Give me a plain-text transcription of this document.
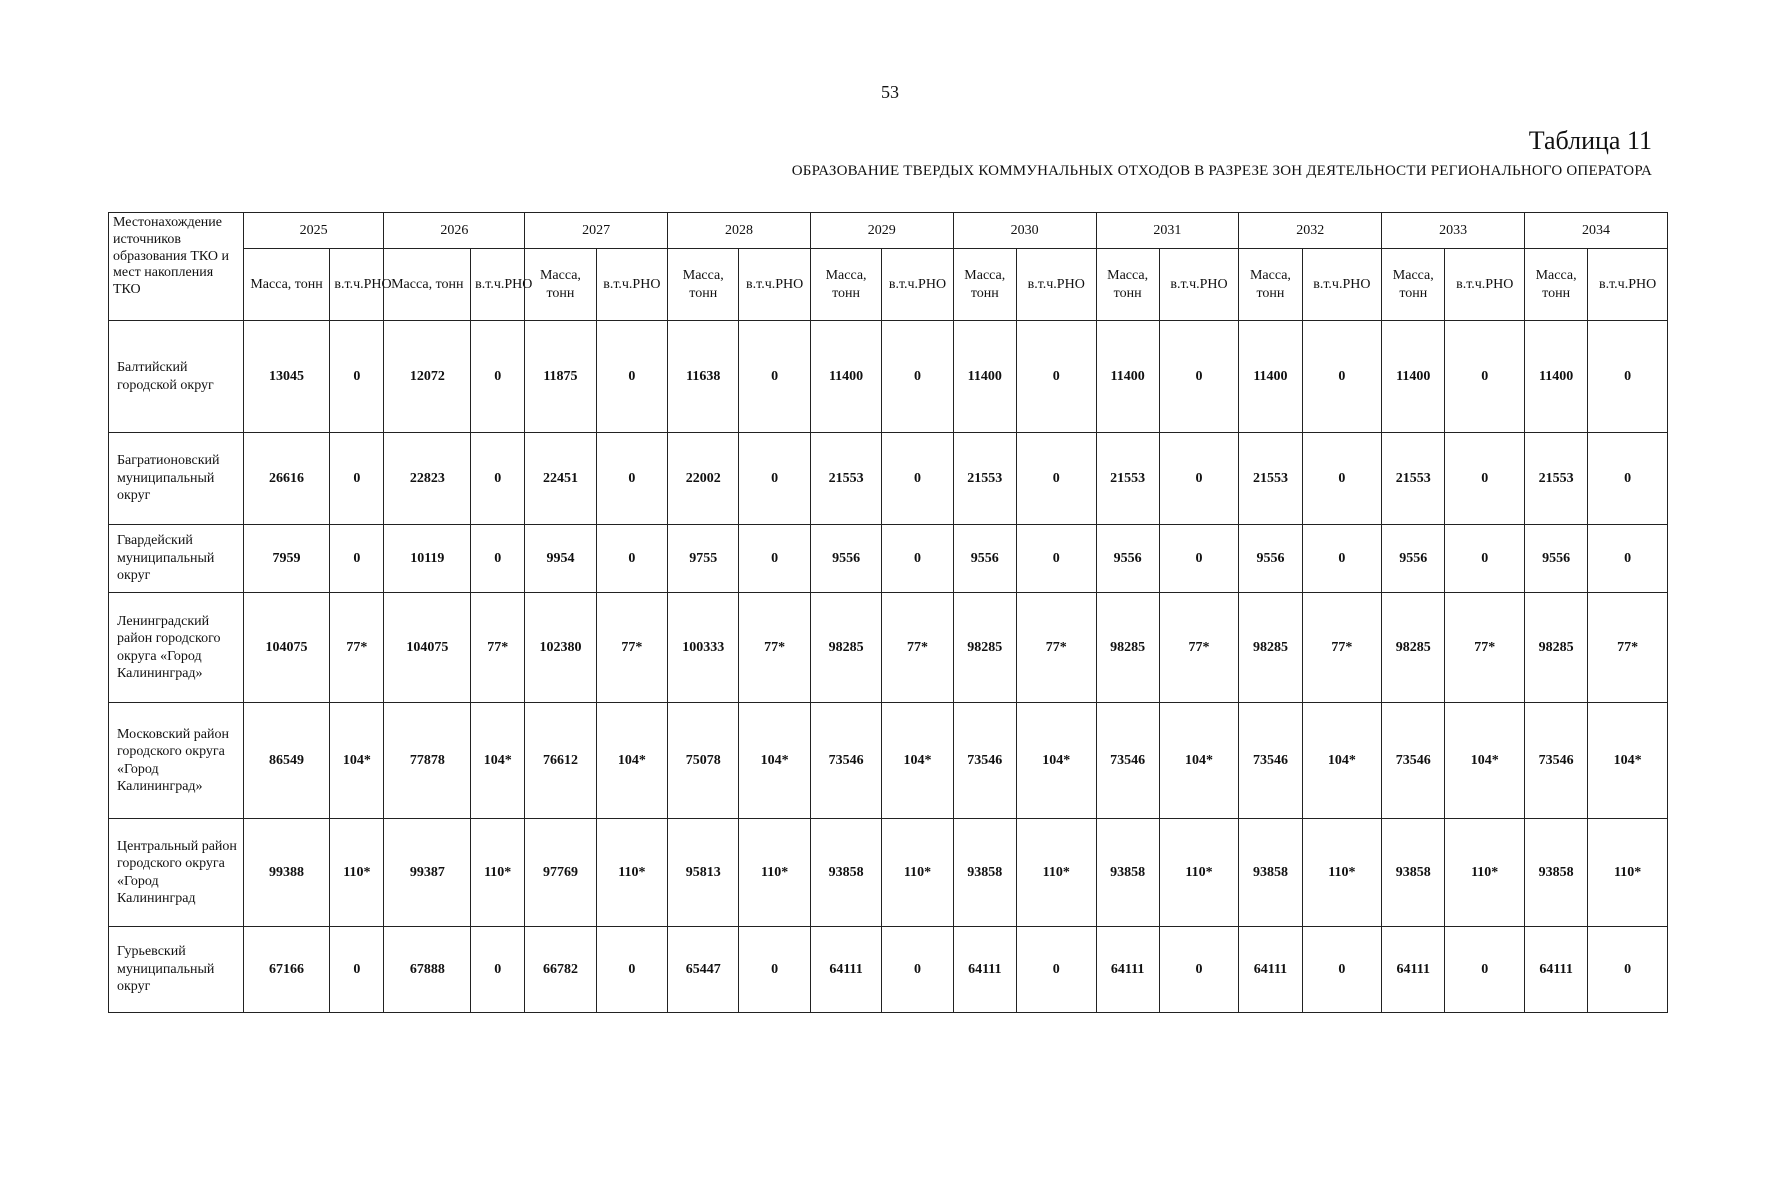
53
Таблица 11
ОБРАЗОВАНИЕ ТВЕРДЫХ КОММУНАЛЬНЫХ ОТХОДОВ В РАЗРЕЗЕ ЗОН ДЕЯТЕЛЬНОСТИ РЕГИОНАЛЬНОГО ОПЕРАТОРА
Местонахождение источников образования ТКО и мест накопления ТКО	2025		2026		2027		2028		2029		2030		2031		2032		2033		2034	
	Масса, тонн	в.т.ч.РНО	Масса, тонн	в.т.ч.РНО	Масса, тонн	в.т.ч.РНО	Масса, тонн	в.т.ч.РНО	Масса, тонн	в.т.ч.РНО	Масса, тонн	в.т.ч.РНО	Масса, тонн	в.т.ч.РНО	Масса, тонн	в.т.ч.РНО	Масса, тонн	в.т.ч.РНО	Масса, тонн	в.т.ч.РНО
Балтийский городской округ	13045	0	12072	0	11875	0	11638	0	11400	0	11400	0	11400	0	11400	0	11400	0	11400	0
Багратионовский муниципальный округ	26616	0	22823	0	22451	0	22002	0	21553	0	21553	0	21553	0	21553	0	21553	0	21553	0
Гвардейский муниципальный округ	7959	0	10119	0	9954	0	9755	0	9556	0	9556	0	9556	0	9556	0	9556	0	9556	0
Ленинградский район городского округа «Город Калининград»	104075	77*	104075	77*	102380	77*	100333	77*	98285	77*	98285	77*	98285	77*	98285	77*	98285	77*	98285	77*
Московский район городского округа «Город Калининград»	86549	104*	77878	104*	76612	104*	75078	104*	73546	104*	73546	104*	73546	104*	73546	104*	73546	104*	73546	104*
Центральный район городского округа «Город Калининград	99388	110*	99387	110*	97769	110*	95813	110*	93858	110*	93858	110*	93858	110*	93858	110*	93858	110*	93858	110*
Гурьевский муниципальный округ	67166	0	67888	0	66782	0	65447	0	64111	0	64111	0	64111	0	64111	0	64111	0	64111	0
